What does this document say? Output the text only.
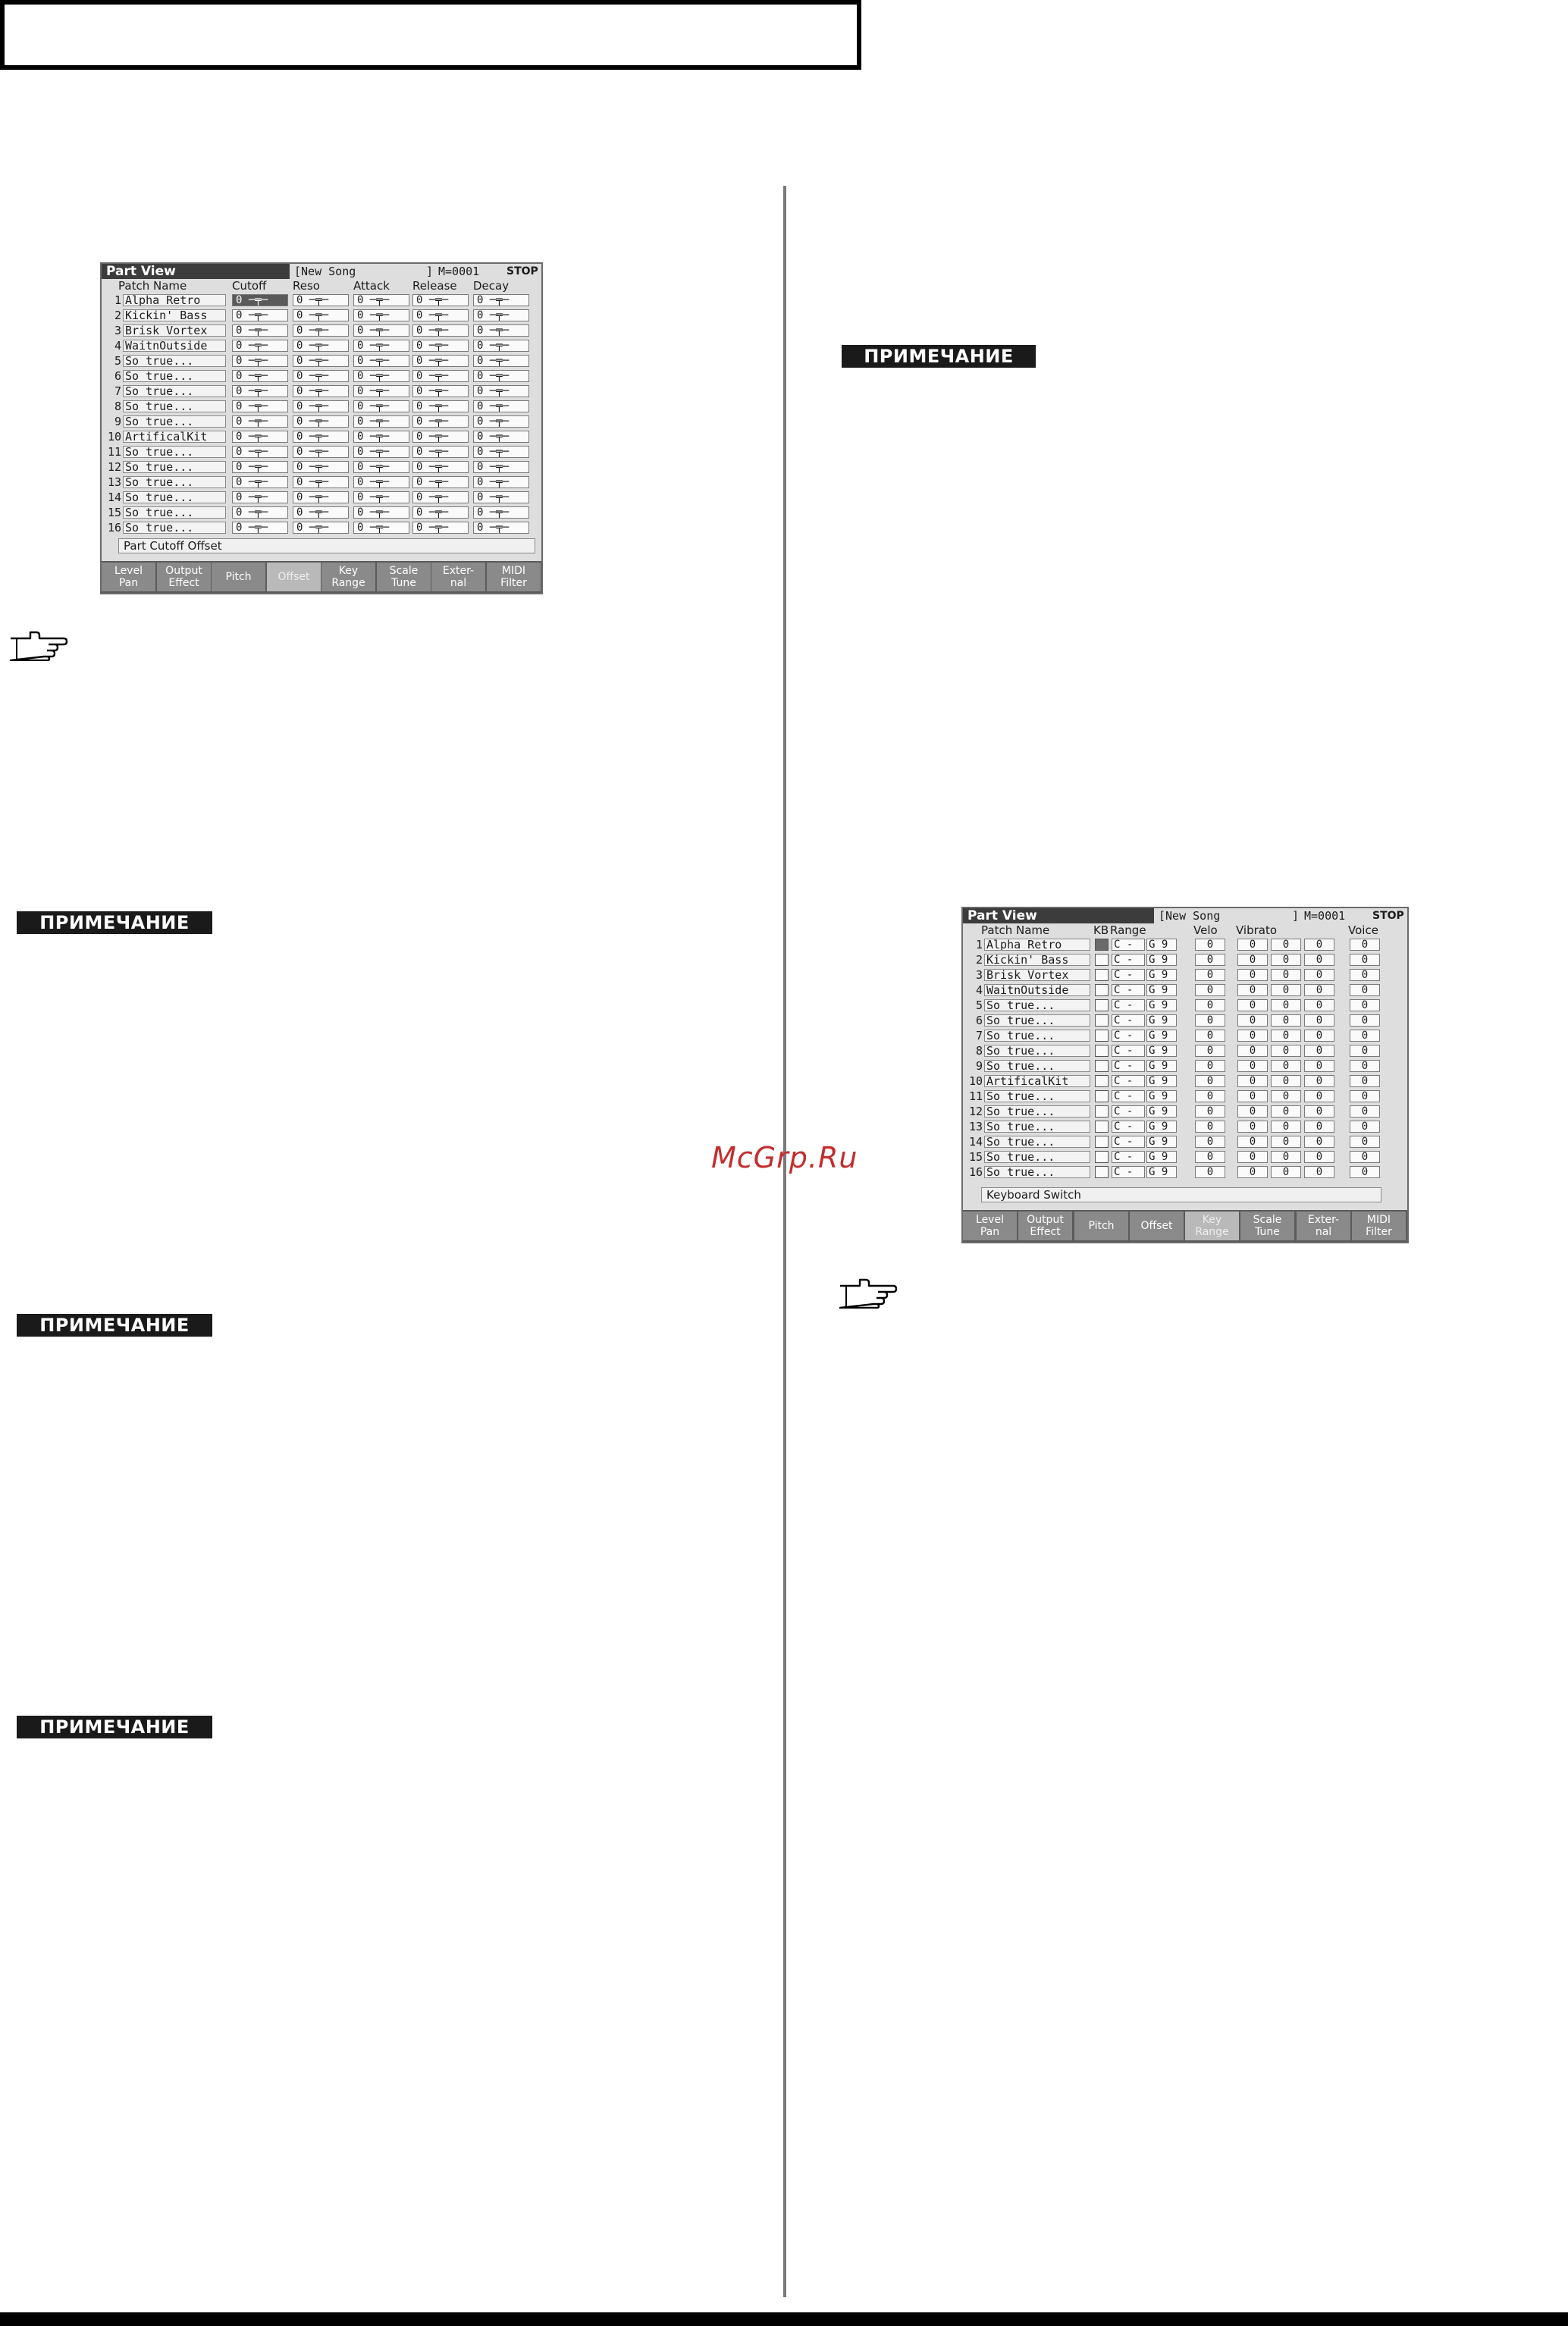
Part View	[New Song	] M=0001	STOP
Patch Name	Cutoff Reso	Attack Release Decay
1 Alpha Retro	0 ─╤─	0 ─╤─	0 ─╤─	0 ─╤─	0 ─╤─
2 Kickin' Bass	0 ─╤─	0 ─╤─	0 ─╤─	0 ─╤─	0 ─╤─
3 Brisk Vortex	0 ─╤─	0 ─╤─	0 ─╤─	0 ─╤─	0 ─╤─
4 WaitnOutside	0 ─╤─	0 ─╤─	0 ─╤─	0 ─╤─	0 ─╤─
5 So true...	0 ─╤─	0 ─╤─	0 ─╤─	0 ─╤─	0 ─╤─
6 So true...	0 ─╤─	0 ─╤─	0 ─╤─	0 ─╤─	0 ─╤─
7 So true...	0 ─╤─	0 ─╤─	0 ─╤─	0 ─╤─	0 ─╤─
8 So true...	0 ─╤─	0 ─╤─	0 ─╤─	0 ─╤─	0 ─╤─
9 So true...	0 ─╤─	0 ─╤─	0 ─╤─	0 ─╤─	0 ─╤─
10 ArtificalKit	0 ─╤─	0 ─╤─	0 ─╤─	0 ─╤─	0 ─╤─
11 So true...	0 ─╤─	0 ─╤─	0 ─╤─	0 ─╤─	0 ─╤─
12 So true...	0 ─╤─	0 ─╤─	0 ─╤─	0 ─╤─	0 ─╤─
13 So true...	0 ─╤─	0 ─╤─	0 ─╤─	0 ─╤─	0 ─╤─
14 So true...	0 ─╤─	0 ─╤─	0 ─╤─	0 ─╤─	0 ─╤─
15 So true...	0 ─╤─	0 ─╤─	0 ─╤─	0 ─╤─	0 ─╤─
16 So true...	0 ─╤─	0 ─╤─	0 ─╤─	0 ─╤─	0 ─╤─
Part Cutoff Offset
Level
Pan
Output
Effect	Pitch	Offset	Key
Range
Scale
Tune
Exter-
nal
MIDI
Filter
ПРИМЕЧАНИЕ
ПРИМЕЧАНИЕ
ПРИМЕЧАНИЕ
ПРИМЕЧАНИЕ
McGrp.Ru
Part View	[New Song	] M=0001	STOP
Patch Name	KB Range	Velo Vibrato	Voice
1 Alpha Retro	C -	G 9	0	0	0	0	0
2 Kickin' Bass	C -	G 9	0	0	0	0	0
3 Brisk Vortex	C -	G 9	0	0	0	0	0
4 WaitnOutside	C -	G 9	0	0	0	0	0
5 So true...	C -	G 9	0	0	0	0	0
6 So true...	C -	G 9	0	0	0	0	0
7 So true...	C -	G 9	0	0	0	0	0
8 So true...	C -	G 9	0	0	0	0	0
9 So true...	C -	G 9	0	0	0	0	0
10 ArtificalKit	C -	G 9	0	0	0	0	0
11 So true...	C -	G 9	0	0	0	0	0
12 So true...	C -	G 9	0	0	0	0	0
13 So true...	C -	G 9	0	0	0	0	0
14 So true...	C -	G 9	0	0	0	0	0
15 So true...	C -	G 9	0	0	0	0	0
16 So true...	C -	G 9	0	0	0	0	0
Keyboard Switch
Level
Pan
Output
Effect	Pitch	Offset	Key
Range
Scale
Tune
Exter-
nal
MIDI
Filter
